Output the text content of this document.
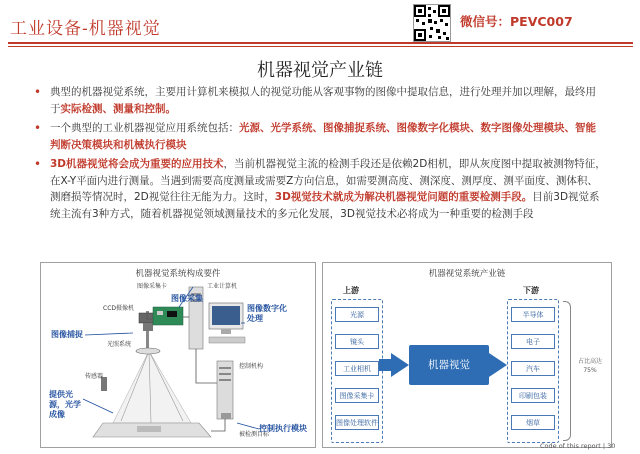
工业设备-机器视觉	微信号：PEVC007
机器视觉产业链
• 典型的机器视觉系统，主要用计算机来模拟人的视觉功能从客观事物的图像中提取信息，进行处理并加以理解，最终用于实际检测、测量和控制。
• 一个典型的工业机器视觉应用系统包括：光源、光学系统、图像捕捉系统、图像数字化模块、数字图像处理模块、智能判断决策模块和机械执行模块
• 3D机器视觉将会成为重要的应用技术，当前机器视觉主流的检测手段还是依赖2D相机，即从灰度图中提取被测物特征，在X-Y平面内进行测量。当遇到需要高度测量或需要Z方向信息，如需要测高度、测深度、测厚度、测平面度、测体积、测磨损等情况时，2D视觉往往无能为力。这时，3D视觉技术就成为解决机器视觉问题的重要检测手段。目前3D视觉系统主流有3种方式，随着机器视觉领域测量技术的多元化发展，3D视觉技术必将成为一种重要的检测手段
机器视觉系统构成要件
图像采集卡
CCD摄像机
光照系统
工业计算机
控制机构
被检测目标
传感器
图像捕捉
图像采集
图像数字化处理
提供光源，光学成像
控制执行模块
机器视觉系统产业链
上游	下游
光源
镜头
工业相机
图像采集卡
图像处理软件
机器视觉
半导体
电子
汽车
印刷包装
烟草
占比高达75%
Code of this report | 30
